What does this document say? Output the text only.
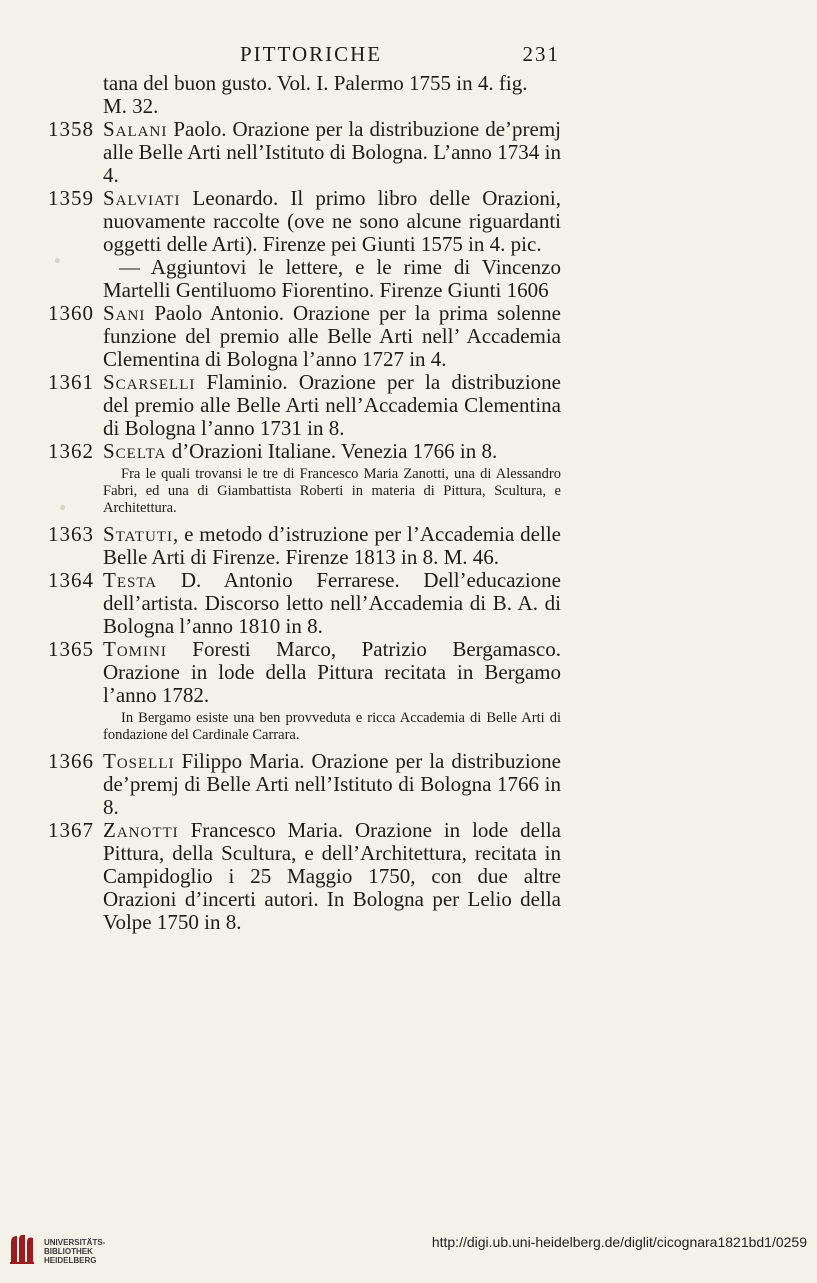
PITTORICHE	231
tana del buon gusto. Vol. I. Palermo 1755 in 4. fig.
M. 32.
1358 Salani Paolo. Orazione per la distribuzione de’premj alle Belle Arti nell’Istituto di Bologna. L’anno 1734 in 4.
1359 Salviati Leonardo. Il primo libro delle Orazioni, nuovamente raccolte (ove ne sono alcune riguardanti oggetti delle Arti). Firenze pei Giunti 1575 in 4. pic.
— Aggiuntovi le lettere, e le rime di Vincenzo Martelli Gentiluomo Fiorentino. Firenze Giunti 1606
1360 Sani Paolo Antonio. Orazione per la prima solenne funzione del premio alle Belle Arti nell’ Accademia Clementina di Bologna l’anno 1727 in 4.
1361 Scarselli Flaminio. Orazione per la distribuzione del premio alle Belle Arti nell’Accademia Clementina di Bologna l’anno 1731 in 8.
1362 Scelta d’Orazioni Italiane. Venezia 1766 in 8.
Fra le quali trovansi le tre di Francesco Maria Zanotti, una di Alessandro Fabri, ed una di Giambattista Roberti in materia di Pittura, Scultura, e Architettura.
1363 Statuti, e metodo d’istruzione per l’Accademia delle Belle Arti di Firenze. Firenze 1813 in 8. M. 46.
1364 Testa D. Antonio Ferrarese. Dell’educazione dell’artista. Discorso letto nell’Accademia di B. A. di Bologna l’anno 1810 in 8.
1365 Tomini Foresti Marco, Patrizio Bergamasco. Orazione in lode della Pittura recitata in Bergamo l’anno 1782.
In Bergamo esiste una ben provveduta e ricca Accademia di Belle Arti di fondazione del Cardinale Carrara.
1366 Toselli Filippo Maria. Orazione per la distribuzione de’premj di Belle Arti nell’Istituto di Bologna 1766 in 8.
1367 Zanotti Francesco Maria. Orazione in lode della Pittura, della Scultura, e dell’Architettura, recitata in Campidoglio i 25 Maggio 1750, con due altre Orazioni d’incerti autori. In Bologna per Lelio della Volpe 1750 in 8.
UNIVERSITÄTS-
BIBLIOTHEK
HEIDELBERG
http://digi.ub.uni-heidelberg.de/diglit/cicognara1821bd1/0259
